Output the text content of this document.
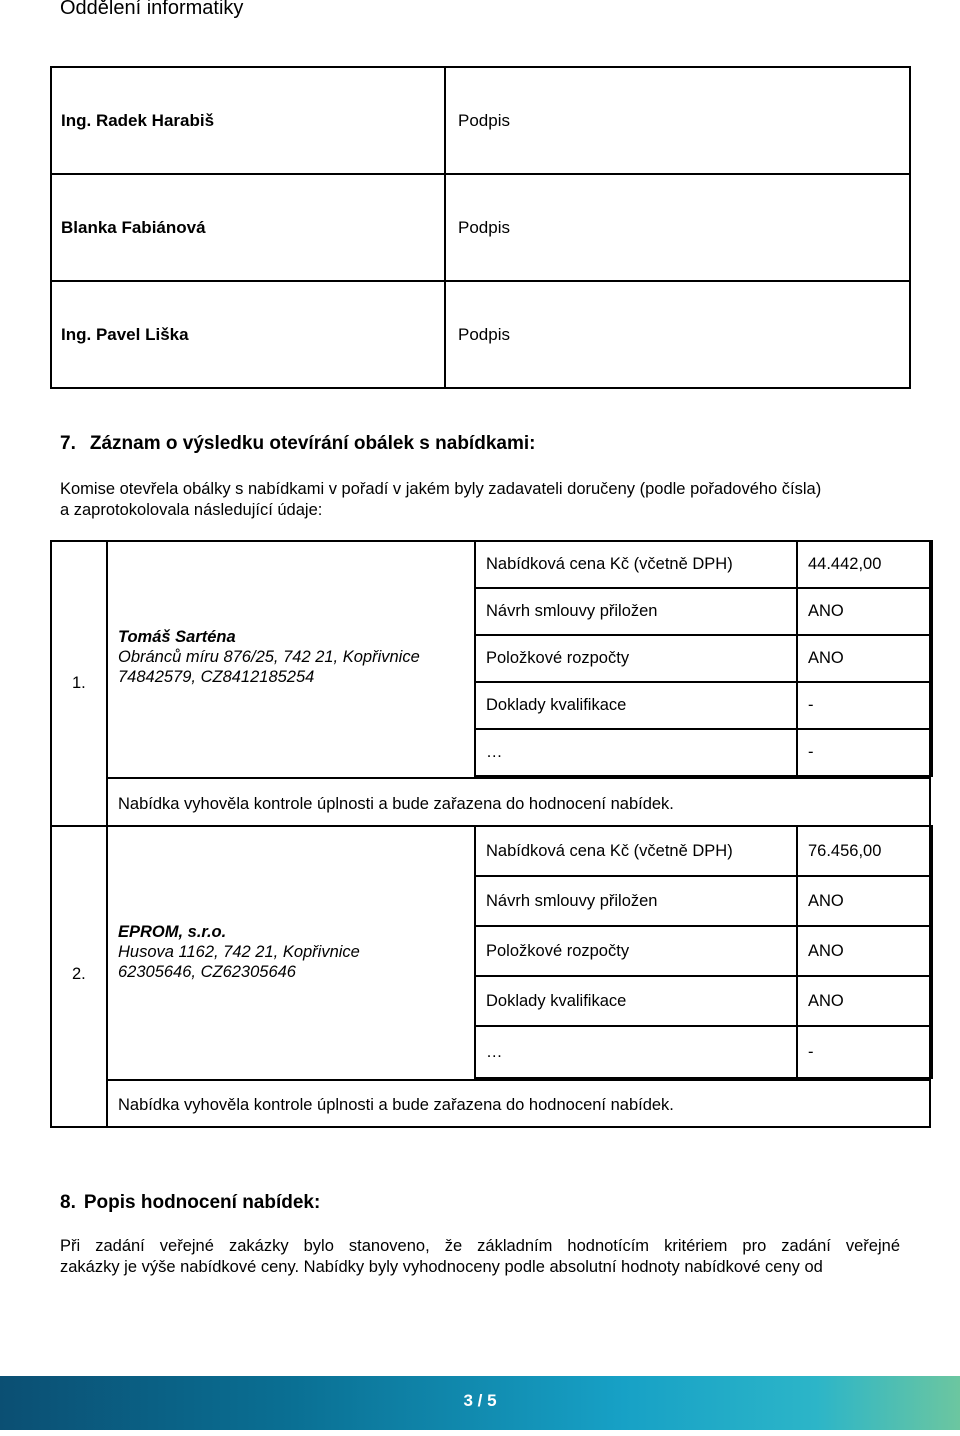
Oddělení informatiky
Ing. Radek Harabiš	Podpis
Blanka Fabiánová	Podpis
Ing. Pavel Liška	Podpis
7. Záznam o výsledku otevírání obálek s nabídkami:
Komise otevřela obálky s nabídkami v pořadí v jakém byly zadavateli doručeny (podle pořadového čísla)
a zaprotokolovala následující údaje:
1.
Tomáš Sarténa
Obránců míru 876/25, 742 21, Kopřivnice
74842579, CZ8412185254
Nabídková cena Kč (včetně DPH)	44.442,00
Návrh smlouvy přiložen	ANO
Položkové rozpočty	ANO
Doklady kvalifikace	-
…	-
Nabídka vyhověla kontrole úplnosti a bude zařazena do hodnocení nabídek.
2.
EPROM, s.r.o.
Husova 1162, 742 21, Kopřivnice
62305646, CZ62305646
Nabídková cena Kč (včetně DPH)	76.456,00
Návrh smlouvy přiložen	ANO
Položkové rozpočty	ANO
Doklady kvalifikace	ANO
…	-
Nabídka vyhověla kontrole úplnosti a bude zařazena do hodnocení nabídek.
8. Popis hodnocení nabídek:
Při zadání veřejné zakázky bylo stanoveno, že základním hodnotícím kritériem pro zadání veřejné
zakázky je výše nabídkové ceny. Nabídky byly vyhodnoceny podle absolutní hodnoty nabídkové ceny od
3 / 5
